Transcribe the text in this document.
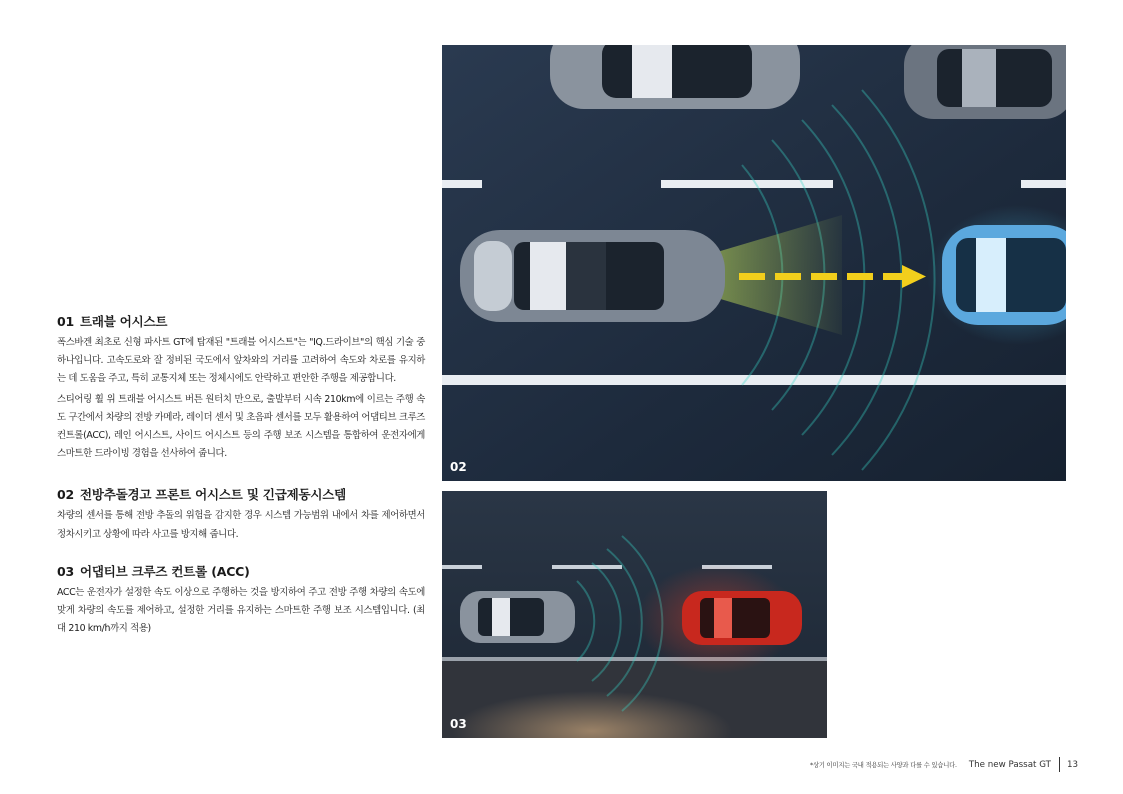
01 트래블 어시스트

폭스바겐 최초로 신형 파사트 GT에 탑재된 "트래블 어시스트"는 "IQ.드라이브"의 핵심 기술 중 하나입니다. 고속도로와 잘 정비된 국도에서 앞차와의 거리를 고려하여 속도와 차로를 유지하는 데 도움을 주고, 특히 교통지체 또는 정체시에도 안락하고 편안한 주행을 제공합니다.

스티어링 휠 위 트래블 어시스트 버튼 원터치 만으로, 출발부터 시속 210km에 이르는 주행 속도 구간에서 차량의 전방 카메라, 레이더 센서 및 초음파 센서를 모두 활용하여 어댑티브 크루즈 컨트롤(ACC), 레인 어시스트, 사이드 어시스트 등의 주행 보조 시스템을 통합하여 운전자에게 스마트한 드라이빙 경험을 선사하여 줍니다.

02 전방추돌경고 프론트 어시스트 및 긴급제동시스템

차량의 센서를 통해 전방 추돌의 위험을 감지한 경우 시스템 가능범위 내에서 차를 제어하면서 정차시키고 상황에 따라 사고를 방지해 줍니다.

03 어댑티브 크루즈 컨트롤 (ACC)

ACC는 운전자가 설정한 속도 이상으로 주행하는 것을 방지하여 주고 전방 주행 차량의 속도에 맞게 차량의 속도를 제어하고, 설정한 거리를 유지하는 스마트한 주행 보조 시스템입니다. (최대 210 km/h까지 적용)

02
03
*상기 이미지는 국내 적용되는 사양과 다를 수 있습니다. The new Passat GT 13
